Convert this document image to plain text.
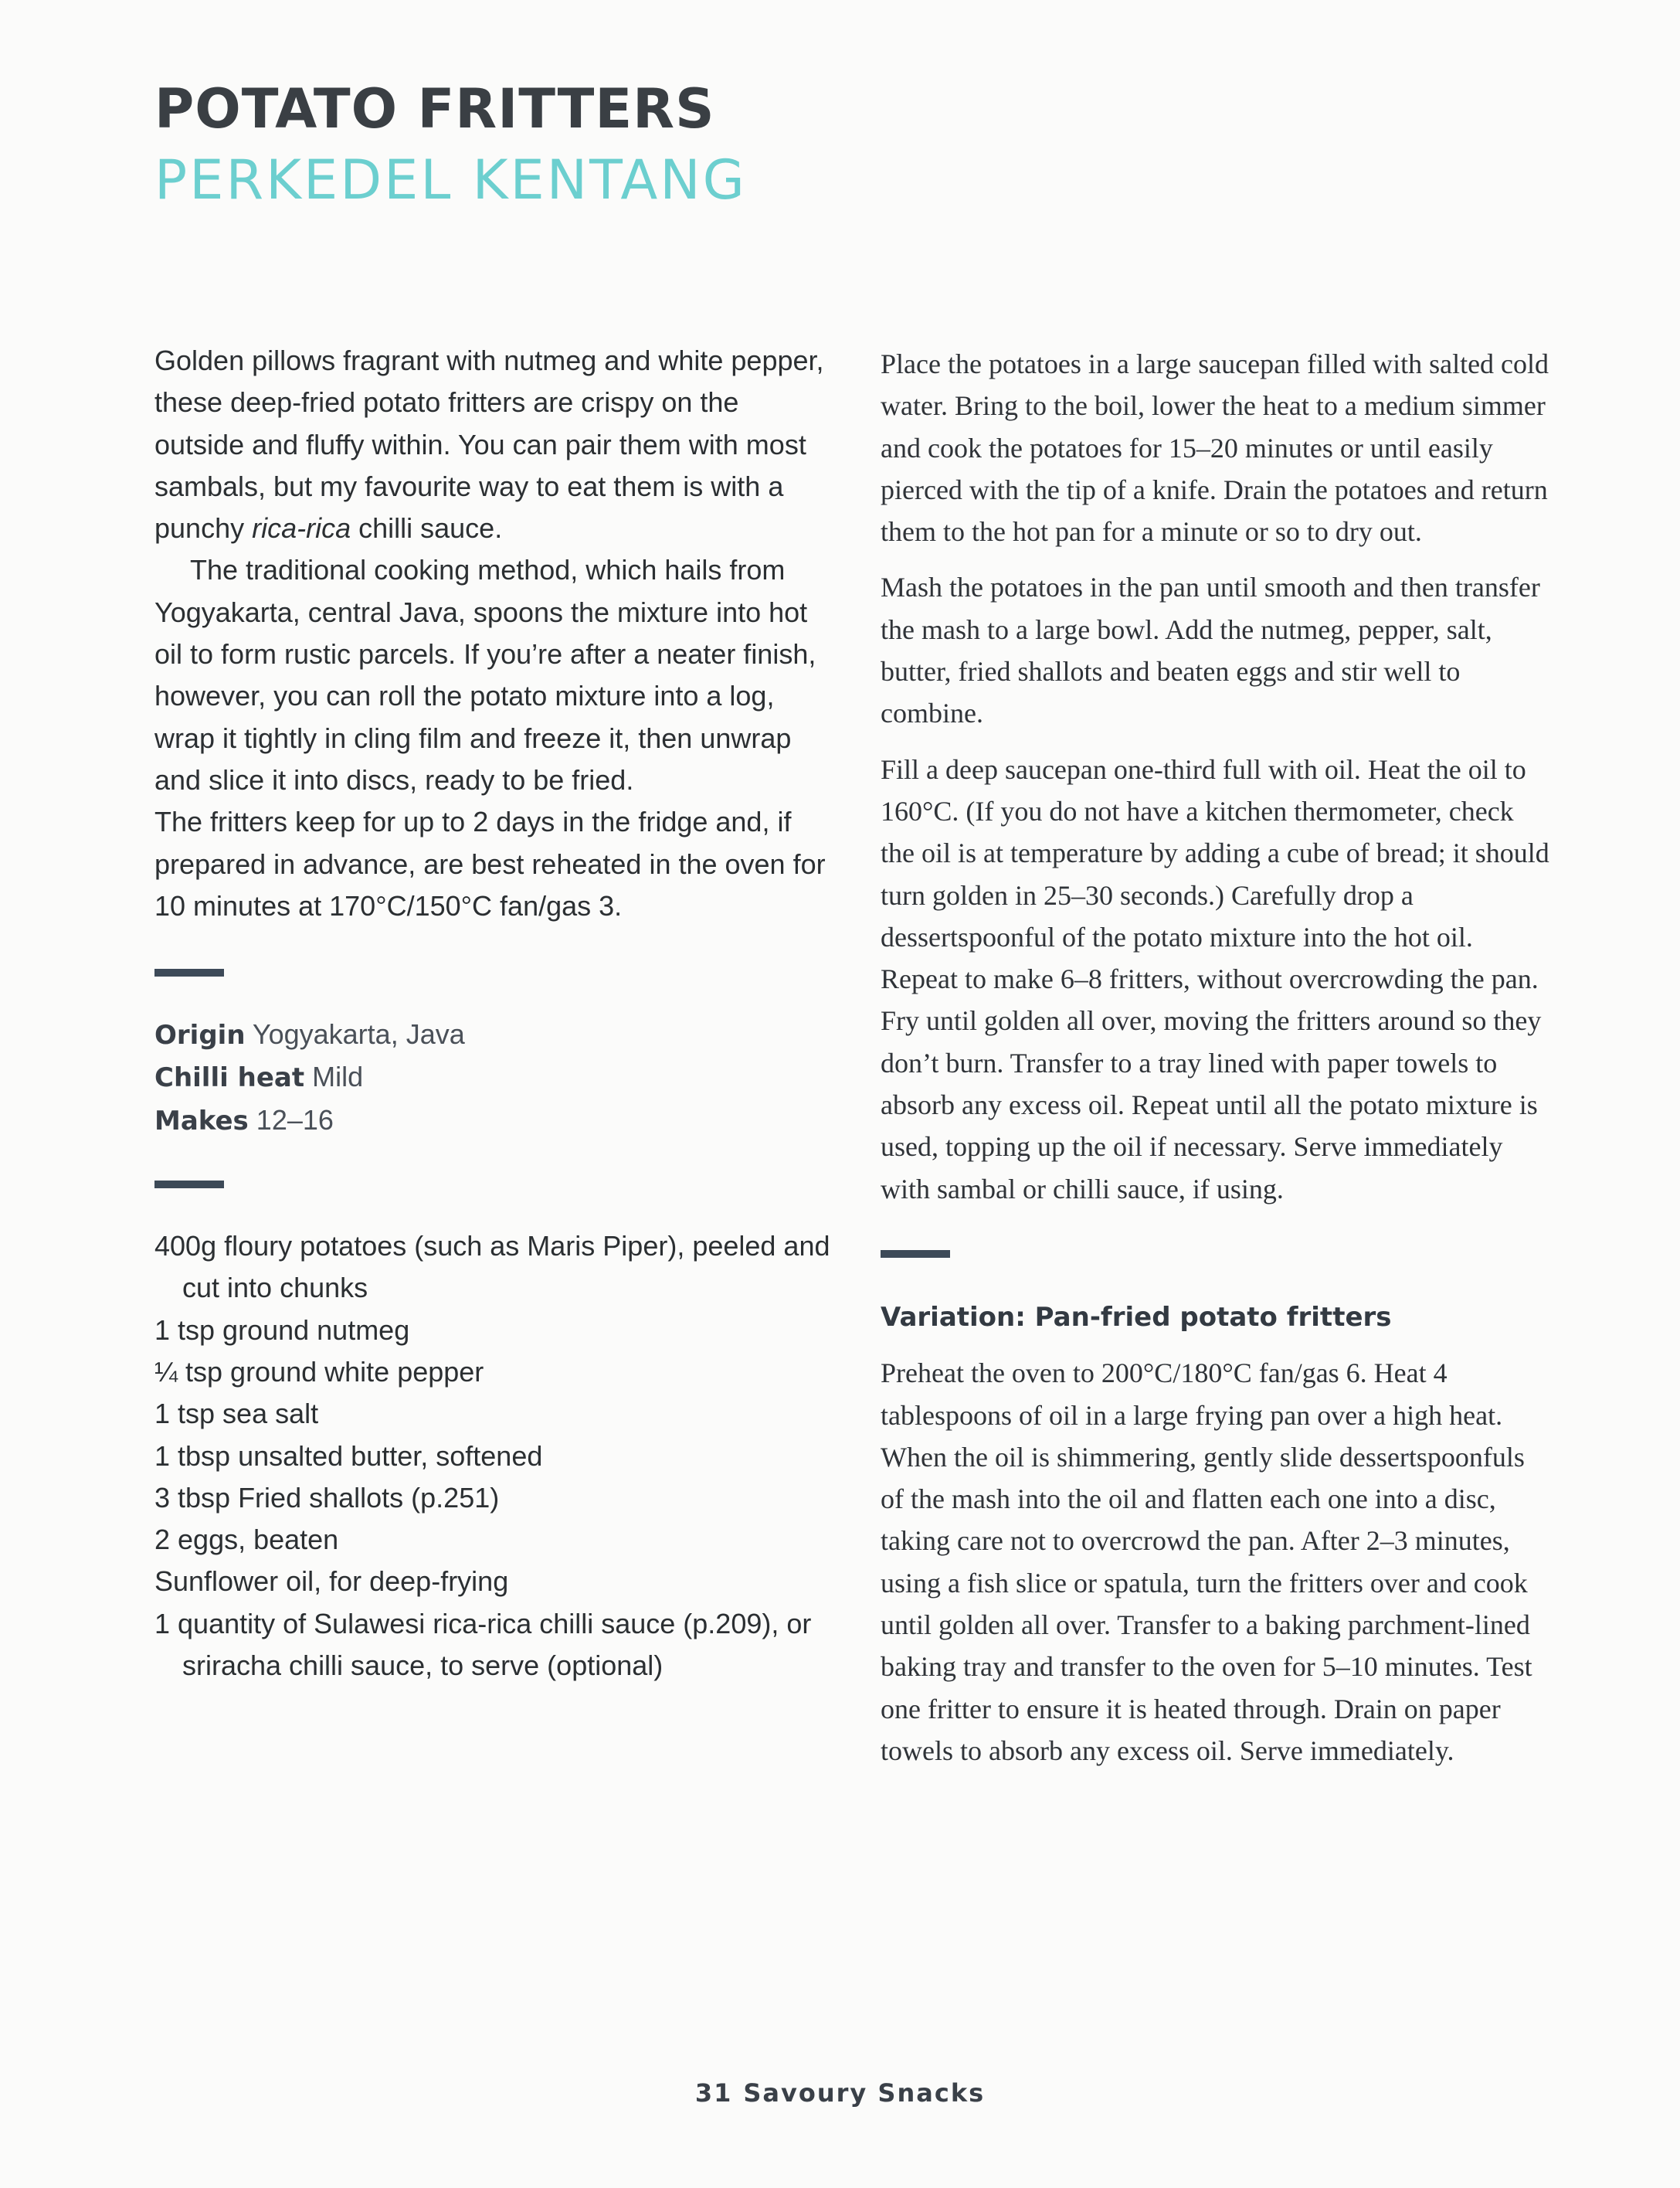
POTATO FRITTERS
PERKEDEL KENTANG

Golden pillows fragrant with nutmeg and white pepper, these deep-fried potato fritters are crispy on the outside and fluffy within. You can pair them with most sambals, but my favourite way to eat them is with a punchy rica-rica chilli sauce.

The traditional cooking method, which hails from Yogyakarta, central Java, spoons the mixture into hot oil to form rustic parcels. If you’re after a neater finish, however, you can roll the potato mixture into a log, wrap it tightly in cling film and freeze it, then unwrap and slice it into discs, ready to be fried.

The fritters keep for up to 2 days in the fridge and, if prepared in advance, are best reheated in the oven for 10 minutes at 170°C/150°C fan/gas 3.

Origin Yogyakarta, Java
Chilli heat Mild
Makes 12–16
400g floury potatoes (such as Maris Piper), peeled and cut into chunks
1 tsp ground nutmeg
¼ tsp ground white pepper
1 tsp sea salt
1 tbsp unsalted butter, softened
3 tbsp Fried shallots (p.251)
2 eggs, beaten
Sunflower oil, for deep-frying
1 quantity of Sulawesi rica-rica chilli sauce (p.209), or sriracha chilli sauce, to serve (optional)

Place the potatoes in a large saucepan filled with salted cold water. Bring to the boil, lower the heat to a medium simmer and cook the potatoes for 15–20 minutes or until easily pierced with the tip of a knife. Drain the potatoes and return them to the hot pan for a minute or so to dry out.

Mash the potatoes in the pan until smooth and then transfer the mash to a large bowl. Add the nutmeg, pepper, salt, butter, fried shallots and beaten eggs and stir well to combine.

Fill a deep saucepan one-third full with oil. Heat the oil to 160°C. (If you do not have a kitchen thermometer, check the oil is at temperature by adding a cube of bread; it should turn golden in 25–30 seconds.) Carefully drop a dessertspoonful of the potato mixture into the hot oil. Repeat to make 6–8 fritters, without overcrowding the pan. Fry until golden all over, moving the fritters around so they don’t burn. Transfer to a tray lined with paper towels to absorb any excess oil. Repeat until all the potato mixture is used, topping up the oil if necessary. Serve immediately with sambal or chilli sauce, if using.

Variation: Pan-fried potato fritters

Preheat the oven to 200°C/180°C fan/gas 6. Heat 4 tablespoons of oil in a large frying pan over a high heat. When the oil is shimmering, gently slide dessertspoonfuls of the mash into the oil and flatten each one into a disc, taking care not to overcrowd the pan. After 2–3 minutes, using a fish slice or spatula, turn the fritters over and cook until golden all over. Transfer to a baking parchment-lined baking tray and transfer to the oven for 5–10 minutes. Test one fritter to ensure it is heated through. Drain on paper towels to absorb any excess oil. Serve immediately.

31 Savoury Snacks
